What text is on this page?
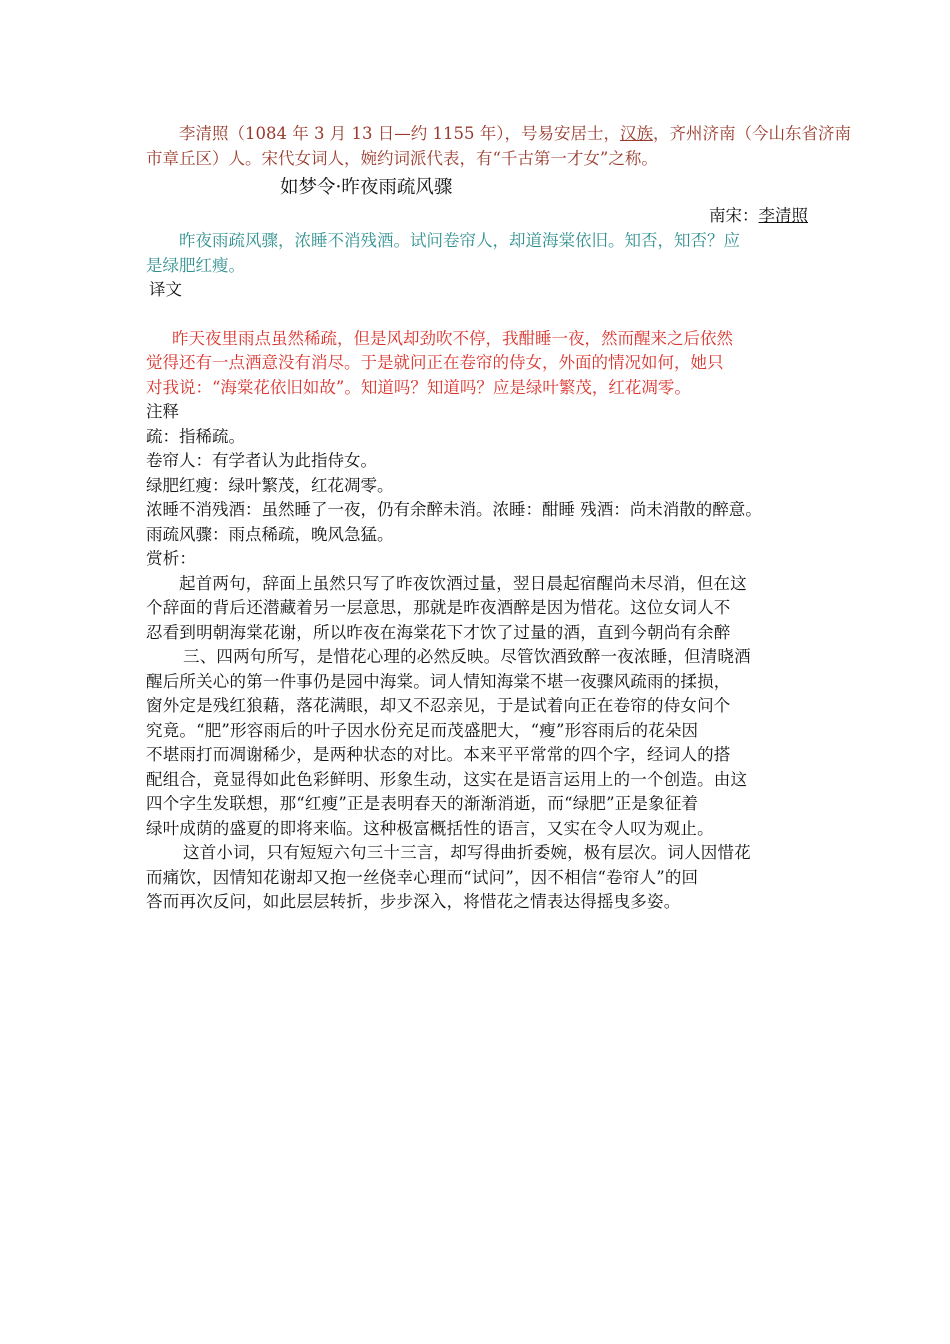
李清照（1084 年 3 月 13 日—约 1155 年），号易安居士，汉族，齐州济南（今山东省济南
市章丘区）人。宋代女词人，婉约词派代表，有“千古第一才女”之称。
如梦令·昨夜雨疏风骤
南宋：李清照
昨夜雨疏风骤，浓睡不消残酒。试问卷帘人，却道海棠依旧。知否，知否？应
是绿肥红瘦。
译文
昨天夜里雨点虽然稀疏，但是风却劲吹不停，我酣睡一夜，然而醒来之后依然
觉得还有一点酒意没有消尽。于是就问正在卷帘的侍女，外面的情况如何，她只
对我说：“海棠花依旧如故”。知道吗？知道吗？应是绿叶繁茂，红花凋零。
注释
疏：指稀疏。
卷帘人：有学者认为此指侍女。
绿肥红瘦：绿叶繁茂，红花凋零。
浓睡不消残酒：虽然睡了一夜，仍有余醉未消。浓睡：酣睡 残酒：尚未消散的醉意。
雨疏风骤：雨点稀疏，晚风急猛。
赏析：
起首两句，辞面上虽然只写了昨夜饮酒过量，翌日晨起宿醒尚未尽消，但在这
个辞面的背后还潜藏着另一层意思，那就是昨夜酒醉是因为惜花。这位女词人不
忍看到明朝海棠花谢，所以昨夜在海棠花下才饮了过量的酒，直到今朝尚有余醉
三、四两句所写，是惜花心理的必然反映。尽管饮酒致醉一夜浓睡，但清晓酒
醒后所关心的第一件事仍是园中海棠。词人情知海棠不堪一夜骤风疏雨的揉损，
窗外定是残红狼藉，落花满眼，却又不忍亲见，于是试着向正在卷帘的侍女问个
究竟。“肥”形容雨后的叶子因水份充足而茂盛肥大，“瘦”形容雨后的花朵因
不堪雨打而凋谢稀少，是两种状态的对比。本来平平常常的四个字，经词人的搭
配组合，竟显得如此色彩鲜明、形象生动，这实在是语言运用上的一个创造。由这
四个字生发联想，那“红瘦”正是表明春天的渐渐消逝，而“绿肥”正是象征着
绿叶成荫的盛夏的即将来临。这种极富概括性的语言，又实在令人叹为观止。
这首小词，只有短短六句三十三言，却写得曲折委婉，极有层次。词人因惜花
而痛饮，因情知花谢却又抱一丝侥幸心理而“试问”，因不相信“卷帘人”的回
答而再次反问，如此层层转折，步步深入，将惜花之情表达得摇曳多姿。
